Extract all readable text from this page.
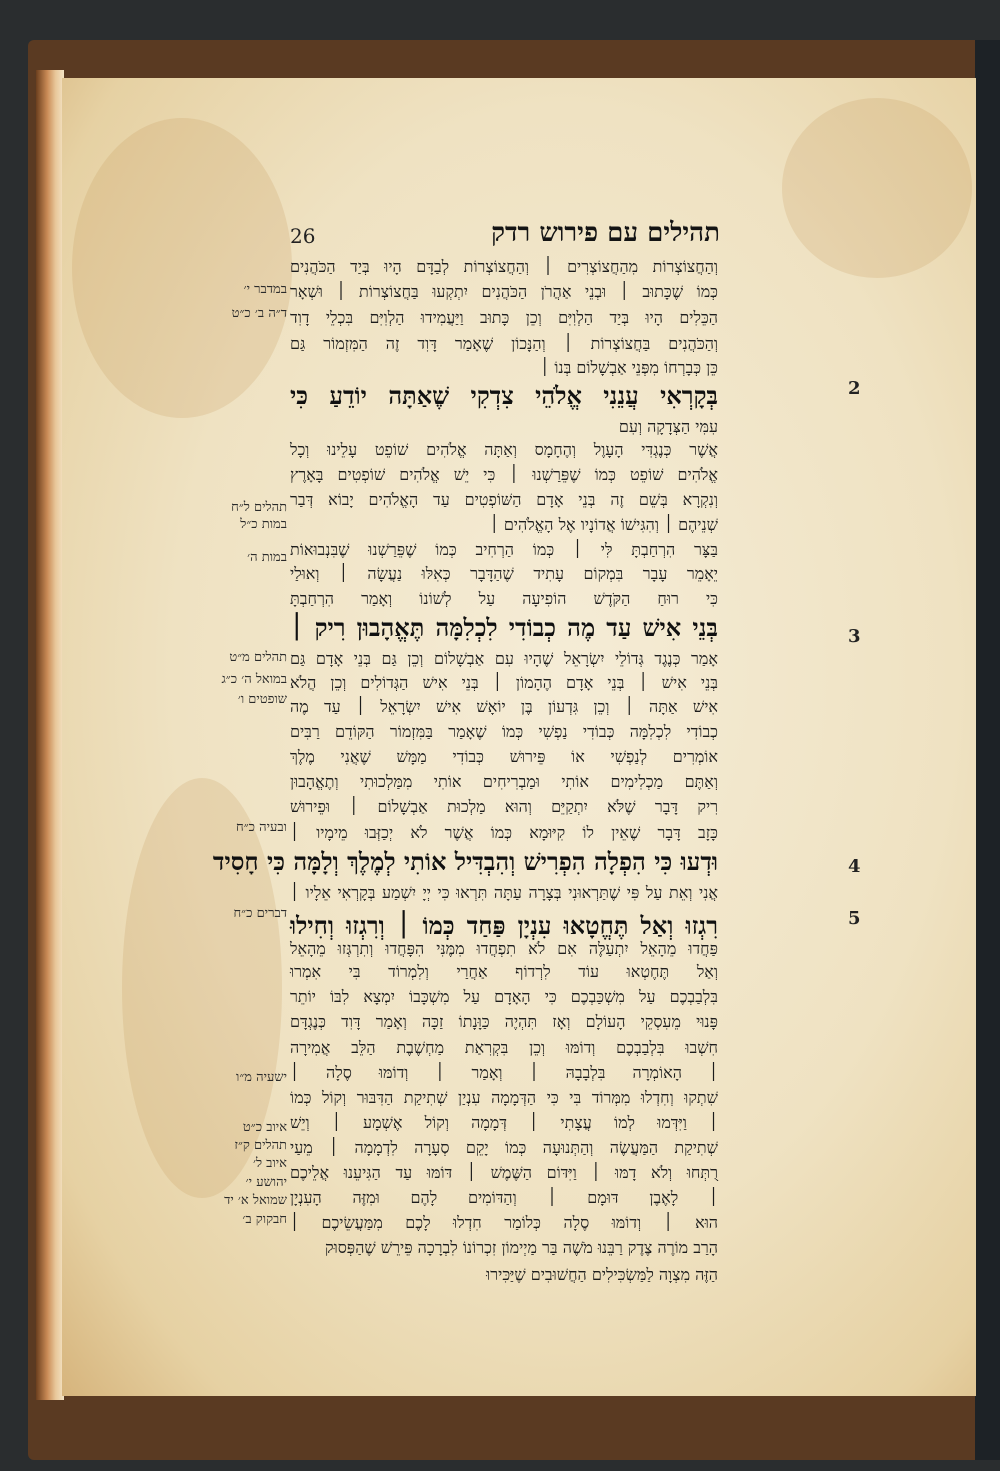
26	תהילים עם פירוש רדק
וְהַחֲצוֹצְרוֹת מִהַחֲצוֹצְרִים ׀ וְהַחֲצוֹצְרוֹת לְבַדָּם הָיוּ בְּיַד הַכֹּהֲנִים
כְּמוֹ שֶׁכָּתוּב ׀ וּבְנֵי אַהֲרֹן הַכֹּהֲנִים יִתְקְעוּ בַּחֲצוֹצְרוֹת ׀ וּשְׁאָר
הַכֵּלִים הָיוּ בְּיַד הַלְוִיִּם וְכֵן כָּתוּב וַיַּעֲמִידוּ הַלְוִיִּם בִּכְלֵי דָוִד
וְהַכֹּהֲנִים בַּחֲצוֹצְרוֹת ׀ וְהַנָּכוֹן שֶׁאָמַר דָּוִד זֶה הַמִּזְמוֹר גַּם
כֵּן כְּבָרְחוֹ מִפְּנֵי אַבְשָׁלוֹם בְּנוֹ ׀
בְּקָרְאִי עֲנֵנִי אֱלֹהֵי צִדְקִי שֶׁאַתָּה יוֹדֵעַ כִּי
עִמִּי הַצְּדָקָה וְעִם
אֲשֶׁר כְּנֶגְדִּי הָעָוֶל וְהֶחָמָס וְאַתָּה אֱלֹהִים שׁוֹפֵט עָלֵינוּ וְכָל
אֱלֹהִים שׁוֹפֵט כְּמוֹ שֶׁפֵּרַשְׁנוּ ׀ כִּי יֵשׁ אֱלֹהִים שׁוֹפְטִים בָּאָרֶץ
וְנִקְרָא בְּשֵׁם זֶה בְּנֵי אָדָם הַשּׁוֹפְטִים עַד הָאֱלֹהִים יָבוֹא דְּבַר
שְׁנֵיהֶם ׀ וְהִגִּישׁוֹ אֲדוֹנָיו אֶל הָאֱלֹהִים ׀
בַּצָּר הִרְחַבְתָּ לִּי ׀ כְּמוֹ הַרְחִיב כְּמוֹ שֶׁפֵּרַשְׁנוּ שֶׁבִּנְבוּאוֹת
יֵאָמֵר עָבָר בִּמְקוֹם עָתִיד שֶׁהַדָּבָר כְּאִלּוּ נַעֲשָׂה ׀ וְאוּלַי
כִּי רוּחַ הַקֹּדֶשׁ הוֹפִיעָה עַל לְשׁוֹנוֹ וְאָמַר הִרְחַבְתָּ
בְּנֵי אִישׁ עַד מֶה כְבוֹדִי לִכְלִמָּה תֶּאֱהָבוּן רִיק ׀
אָמַר כְּנֶגֶד גְּדוֹלֵי יִשְׂרָאֵל שֶׁהָיוּ עִם אַבְשָׁלוֹם וְכֵן גַּם בְּנֵי אָדָם גַּם
בְּנֵי אִישׁ ׀ בְּנֵי אָדָם הֶהָמוֹן ׀ בְּנֵי אִישׁ הַגְּדוֹלִים וְכֵן הֲלֹא
אִישׁ אַתָּה ׀ וְכֵן גִּדְעוֹן בֶּן יוֹאָשׁ אִישׁ יִשְׂרָאֵל ׀ עַד מֶה
כְבוֹדִי לִכְלִמָּה כְּבוֹדִי נַפְשִׁי כְּמוֹ שֶׁאָמַר בַּמִּזְמוֹר הַקּוֹדֵם רַבִּים
אוֹמְרִים לְנַפְשִׁי אוֹ פֵּירוּשׁ כְּבוֹדִי מַמָּשׁ שֶׁאֲנִי מֶלֶךְ
וְאַתֶּם מַכְלִימִים אוֹתִי וּמַבְרִיחִים אוֹתִי מִמַּלְכוּתִי וְתֶאֱהָבוּן
רִיק דָּבָר שֶׁלֹּא יִתְקַיֵּם וְהוּא מַלְכוּת אַבְשָׁלוֹם ׀ וּפֵירוּשׁ
כָּזָב דָּבָר שֶׁאֵין לוֹ קִיּוּמָא כְּמוֹ אֲשֶׁר לֹא יְכַזְּבוּ מֵימָיו ׀
וּדְעוּ כִּי הִפְלָה הִפְרִישׁ וְהִבְדִּיל אוֹתִי לְמֶלֶךְ וְלָמָּה כִּי חָסִיד
אֲנִי וְאֵת עַל פִּי שֶׁתַּרְאוּנִי בְּצָרָה עַתָּה תִּרְאוּ כִּי יְיָ יִשְׁמַע בְּקָרְאִי אֵלָיו ׀
רִגְזוּ וְאַל תֶּחֱטָאוּ עִנְיָן פַּחַד כְּמוֹ ׀ וְרִגְזוּ וְחִילוּ
פַּחֲדוּ מֵהָאֵל יִתְעַלֶּה אִם לֹא תִפְחֲדוּ מִמֶּנִּי הִפָּחֲדוּ וְתִרְגְּזוּ מֵהָאֵל
וְאַל תֶּחֶטְאוּ עוֹד לִרְדוֹף אַחֲרַי וְלִמְרוֹד בִּי אִמְרוּ
בִּלְבַבְכֶם עַל מִשְׁכַּבְכֶם כִּי הָאָדָם עַל מִשְׁכָּבוֹ יִמְצָא לִבּוֹ יוֹתֵר
פָּנוּי מֵעִסְקֵי הָעוֹלָם וְאָז תִּהְיֶה כַּוָּנָתוֹ זַכָּה וְאָמַר דָּוִד כְּנֶגְדָּם
חִשְׁבוּ בִּלְבַבְכֶם וְדוֹמּוּ וְכֵן בִּקְרִאַת מַחְשֶׁבֶת הַלֵּב אֲמִירָה
׀ הָאוֹמְרָה בִּלְבָבָהּ ׀ וְאָמַר ׀ וְדוֹמּוּ סֶלָה ׀
שִׁתְקוּ וְחִדְלוּ מִמְּרוֹד בִּי כִּי הַדְּמָמָה עִנְיַן שְׁתִיקַת הַדִּבּוּר וְקוֹל כְּמוֹ
׀ וַיִּדְּמוּ לְמוֹ עֲצָתִי ׀ דְּמָמָה וְקוֹל אֶשְׁמָע ׀ וְיֵשׁ
שְׁתִיקַת הַמַּעֲשֶׂה וְהַתְּנוּעָה כְּמוֹ יָקֵם סְעָרָה לִדְמָמָה ׀ מֵעַי
רֻתְּחוּ וְלֹא דָמּוּ ׀ וַיִּדּוֹם הַשֶּׁמֶשׁ ׀ דּוֹמּוּ עַד הַגִּיעֵנוּ אֲלֵיכֶם
׀ לָאֶבֶן דּוּמָם ׀ וְהַדּוֹמִים לָהֶם וּמִזֶּה הָעִנְיָן
הוּא ׀ וְדוֹמּוּ סֶלָה כְּלוֹמַר חִדְלוּ לָכֶם מִמַּעֲשֵׂיכֶם ׀
הָרַב מוֹרֶה צֶדֶק רַבֵּנוּ מֹשֶׁה בַּר מַיְימוֹן זִכְרוֹנוֹ לִבְרָכָה פֵּירֵשׁ שֶׁהַפְּסוּק
הַזֶּה מִצְוָה לַמַּשְׂכִּילִים הַחֲשׁוּבִים שֶׁיַּכִּירוּ
במדבר י׳
ד״ה ב׳ כ״ט
תהלים ל״ח
במות כ״ל
במות ה׳
תהלים מ״ט
במואל ה׳ כ״ג
שופטים ו׳
ובעיה כ״ח
דברים כ״ח
ישעיה מ״ו
איוב כ״ט
תהלים ק״ז
איוב ל׳
יהושע י׳
שמואל א׳ יד
חבקוק ב׳
2
3
4
5
